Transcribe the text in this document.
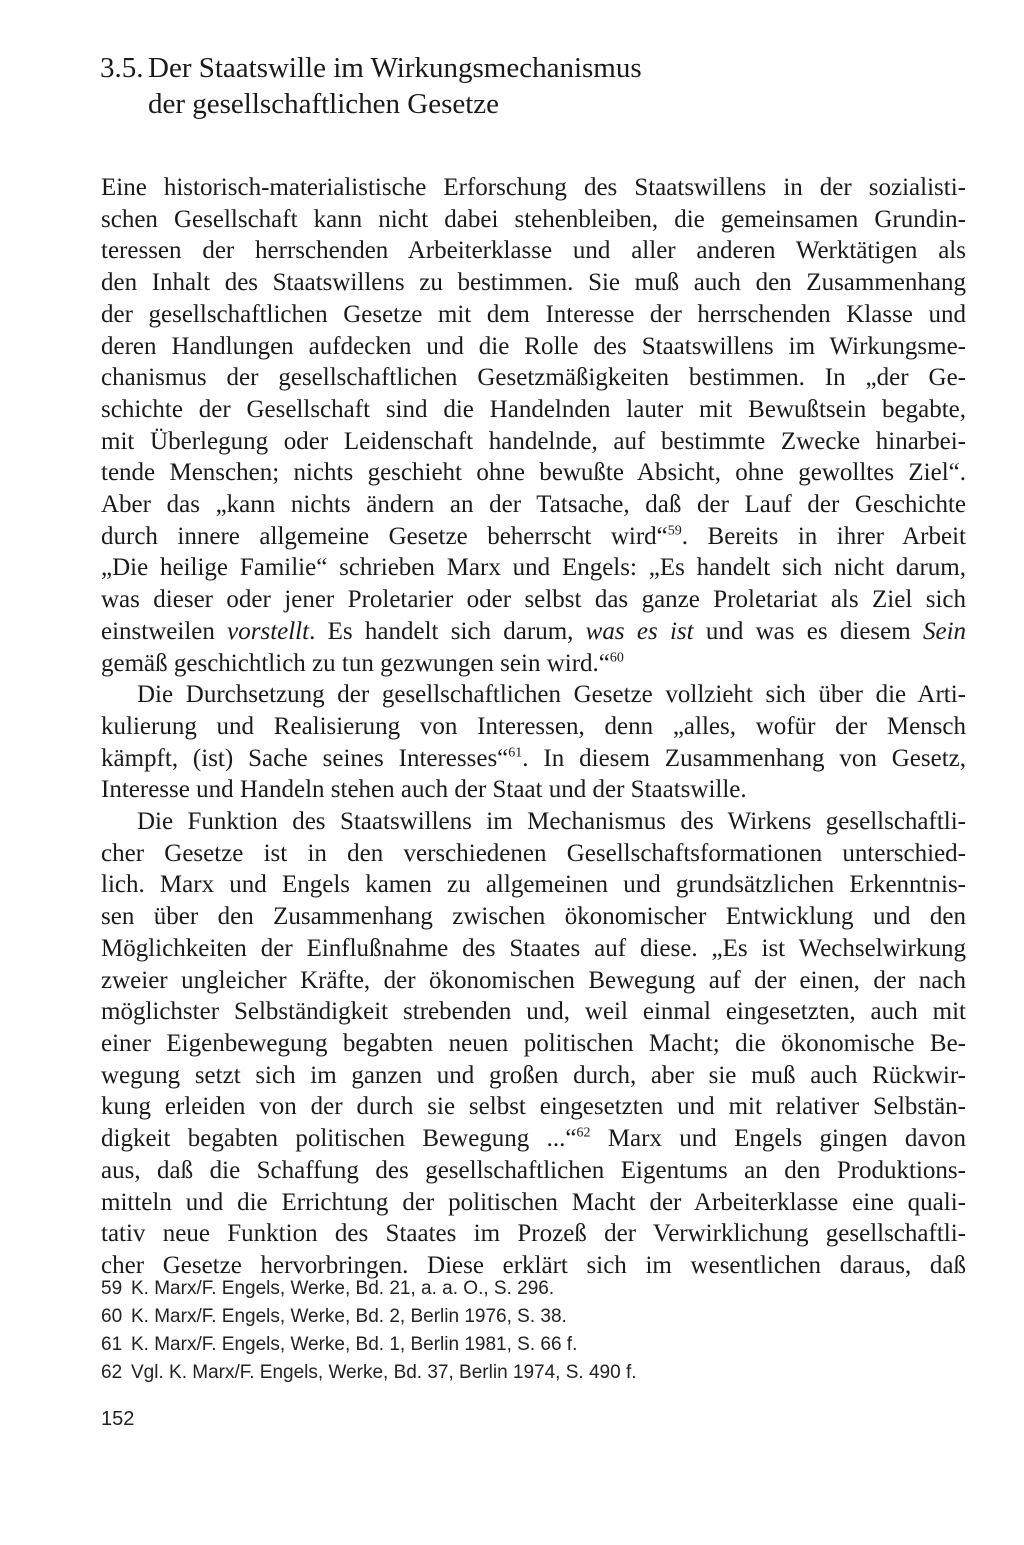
3.5. Der Staatswille im Wirkungsmechanismus
der gesellschaftlichen Gesetze

Eine historisch-materialistische Erforschung des Staatswillens in der sozialisti-
schen Gesellschaft kann nicht dabei stehenbleiben, die gemeinsamen Grundin-
teressen der herrschenden Arbeiterklasse und aller anderen Werktätigen als
den Inhalt des Staatswillens zu bestimmen. Sie muß auch den Zusammenhang
der gesellschaftlichen Gesetze mit dem Interesse der herrschenden Klasse und
deren Handlungen aufdecken und die Rolle des Staatswillens im Wirkungsme-
chanismus der gesellschaftlichen Gesetzmäßigkeiten bestimmen. In „der Ge-
schichte der Gesellschaft sind die Handelnden lauter mit Bewußtsein begabte,
mit Überlegung oder Leidenschaft handelnde, auf bestimmte Zwecke hinarbei-
tende Menschen; nichts geschieht ohne bewußte Absicht, ohne gewolltes Ziel“.
Aber das „kann nichts ändern an der Tatsache, daß der Lauf der Geschichte
durch innere allgemeine Gesetze beherrscht wird“$^{59}$. Bereits in ihrer Arbeit
„Die heilige Familie“ schrieben Marx und Engels: „Es handelt sich nicht darum,
was dieser oder jener Proletarier oder selbst das ganze Proletariat als Ziel sich
einstweilen vorstellt. Es handelt sich darum, was es ist und was es diesem Sein
gemäß geschichtlich zu tun gezwungen sein wird.“$^{60}$

Die Durchsetzung der gesellschaftlichen Gesetze vollzieht sich über die Arti-
kulierung und Realisierung von Interessen, denn „alles, wofür der Mensch
kämpft, (ist) Sache seines Interesses“$^{61}$. In diesem Zusammenhang von Gesetz,
Interesse und Handeln stehen auch der Staat und der Staatswille.

Die Funktion des Staatswillens im Mechanismus des Wirkens gesellschaftli-
cher Gesetze ist in den verschiedenen Gesellschaftsformationen unterschied-
lich. Marx und Engels kamen zu allgemeinen und grundsätzlichen Erkenntnis-
sen über den Zusammenhang zwischen ökonomischer Entwicklung und den
Möglichkeiten der Einflußnahme des Staates auf diese. „Es ist Wechselwirkung
zweier ungleicher Kräfte, der ökonomischen Bewegung auf der einen, der nach
möglichster Selbständigkeit strebenden und, weil einmal eingesetzten, auch mit
einer Eigenbewegung begabten neuen politischen Macht; die ökonomische Be-
wegung setzt sich im ganzen und großen durch, aber sie muß auch Rückwir-
kung erleiden von der durch sie selbst eingesetzten und mit relativer Selbstän-
digkeit begabten politischen Bewegung ...“$^{62}$ Marx und Engels gingen davon
aus, daß die Schaffung des gesellschaftlichen Eigentums an den Produktions-
mitteln und die Errichtung der politischen Macht der Arbeiterklasse eine quali-
tativ neue Funktion des Staates im Prozeß der Verwirklichung gesellschaftli-
cher Gesetze hervorbringen. Diese erklärt sich im wesentlichen daraus, daß

59 K. Marx/F. Engels, Werke, Bd. 21, a. a. O., S. 296.
60 K. Marx/F. Engels, Werke, Bd. 2, Berlin 1976, S. 38.
61 K. Marx/F. Engels, Werke, Bd. 1, Berlin 1981, S. 66 f.
62 Vgl. K. Marx/F. Engels, Werke, Bd. 37, Berlin 1974, S. 490 f.
152
